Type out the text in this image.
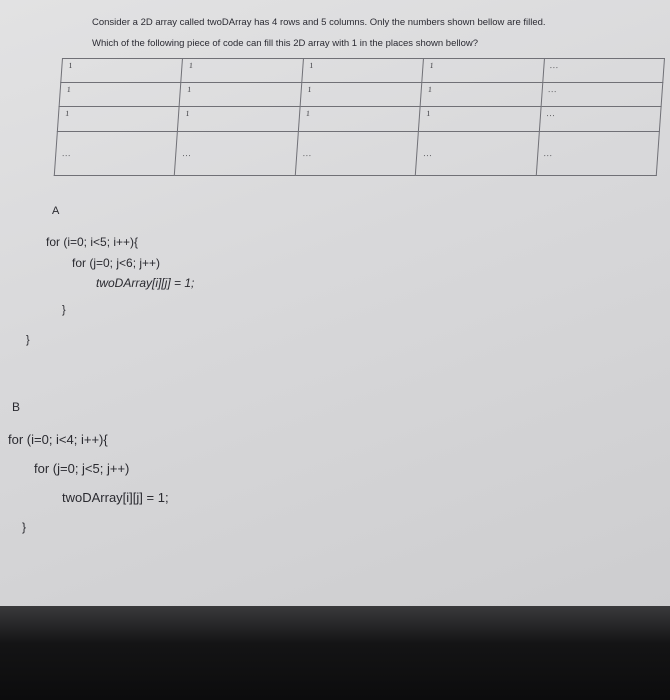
Consider a 2D array called twoDArray has 4 rows and 5 columns. Only the numbers shown bellow are filled.
Which of the following piece of code can fill this 2D array with 1 in the places shown bellow?
1	1	1	1	...
1	1	1	1	...
1	1	1	1	...
...	...	...	...	...
A
for (i=0; i<5; i++){
for (j=0; j<6; j++)
twoDArray[i][j] = 1;
}
}
B
for (i=0; i<4; i++){
for (j=0; j<5; j++)
twoDArray[i][j] = 1;
}
